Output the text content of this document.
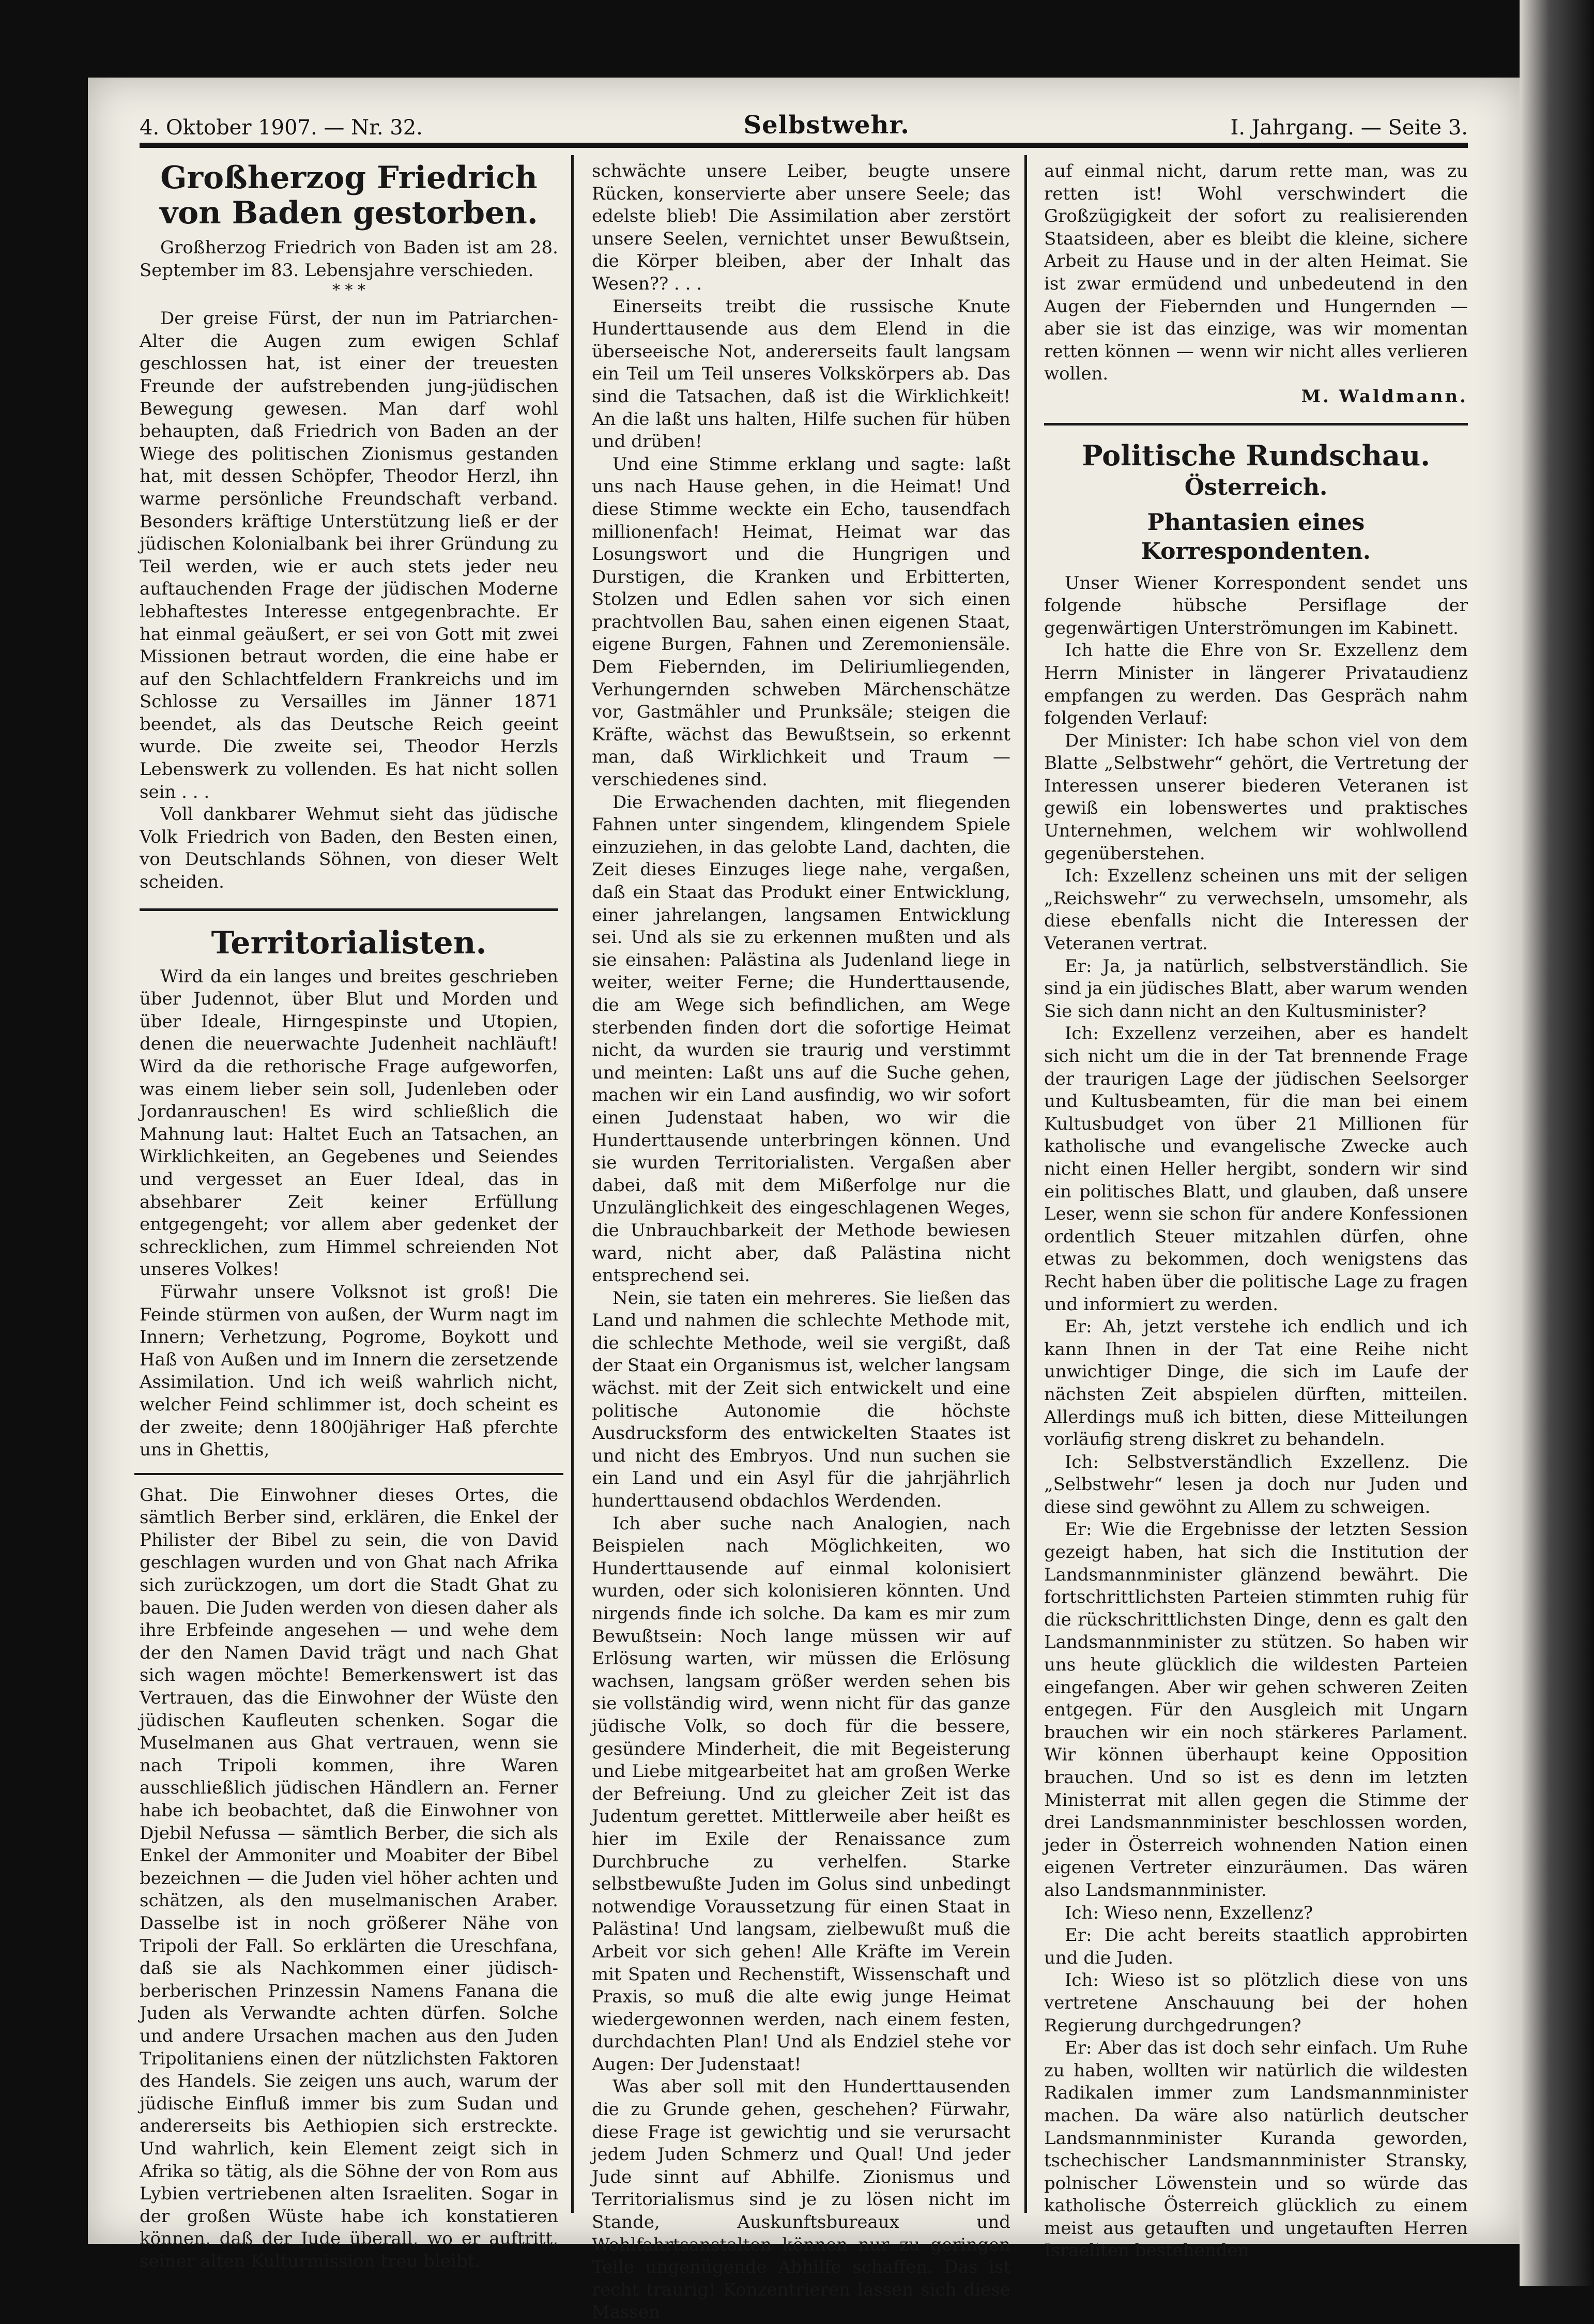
4. Oktober 1907. — Nr. 32.	Selbstwehr.	I. Jahrgang. — Seite 3.
Großherzog Friedrich von Baden gestorben.

Großherzog Friedrich von Baden ist am 28. September im 83. Lebensjahre verschieden.

* * *

Der greise Fürst, der nun im Patriarchen-Alter die Augen zum ewigen Schlaf geschlossen hat, ist einer der treuesten Freunde der aufstrebenden jung-jüdischen Bewegung gewesen. Man darf wohl behaupten, daß Friedrich von Baden an der Wiege des politischen Zionismus gestanden hat, mit dessen Schöpfer, Theodor Herzl, ihn warme persönliche Freundschaft verband. Besonders kräftige Unterstützung ließ er der jüdischen Kolonialbank bei ihrer Gründung zu Teil werden, wie er auch stets jeder neu auftauchenden Frage der jüdischen Moderne lebhaftestes Interesse entgegenbrachte. Er hat einmal geäußert, er sei von Gott mit zwei Missionen betraut worden, die eine habe er auf den Schlachtfeldern Frankreichs und im Schlosse zu Versailles im Jänner 1871 beendet, als das Deutsche Reich geeint wurde. Die zweite sei, Theodor Herzls Lebenswerk zu vollenden. Es hat nicht sollen sein . . .

Voll dankbarer Wehmut sieht das jüdische Volk Friedrich von Baden, den Besten einen, von Deutschlands Söhnen, von dieser Welt scheiden.

Territorialisten.

Wird da ein langes und breites geschrieben über Judennot, über Blut und Morden und über Ideale, Hirngespinste und Utopien, denen die neuerwachte Judenheit nachläuft! Wird da die rethorische Frage aufgeworfen, was einem lieber sein soll, Judenleben oder Jordanrauschen! Es wird schließlich die Mahnung laut: Haltet Euch an Tatsachen, an Wirklichkeiten, an Gegebenes und Seiendes und vergesset an Euer Ideal, das in absehbarer Zeit keiner Erfüllung entgegengeht; vor allem aber gedenket der schrecklichen, zum Himmel schreienden Not unseres Volkes!

Fürwahr unsere Volksnot ist groß! Die Feinde stürmen von außen, der Wurm nagt im Innern; Verhetzung, Pogrome, Boykott und Haß von Außen und im Innern die zersetzende Assimilation. Und ich weiß wahrlich nicht, welcher Feind schlimmer ist, doch scheint es der zweite; denn 1800jähriger Haß pferchte uns in Ghettis,

Ghat. Die Einwohner dieses Ortes, die sämtlich Berber sind, erklären, die Enkel der Philister der Bibel zu sein, die von David geschlagen wurden und von Ghat nach Afrika sich zurückzogen, um dort die Stadt Ghat zu bauen. Die Juden werden von diesen daher als ihre Erbfeinde angesehen — und wehe dem der den Namen David trägt und nach Ghat sich wagen möchte! Bemerkenswert ist das Vertrauen, das die Einwohner der Wüste den jüdischen Kaufleuten schenken. Sogar die Muselmanen aus Ghat vertrauen, wenn sie nach Tripoli kommen, ihre Waren ausschließlich jüdischen Händlern an. Ferner habe ich beobachtet, daß die Einwohner von Djebil Nefussa — sämtlich Berber, die sich als Enkel der Ammoniter und Moabiter der Bibel bezeichnen — die Juden viel höher achten und schätzen, als den muselmanischen Araber. Dasselbe ist in noch größerer Nähe von Tripoli der Fall. So erklärten die Ureschfana, daß sie als Nachkommen einer jüdisch-berberischen Prinzessin Namens Fanana die Juden als Verwandte achten dürfen. Solche und andere Ursachen machen aus den Juden Tripolitaniens einen der nützlichsten Faktoren des Handels. Sie zeigen uns auch, warum der jüdische Einfluß immer bis zum Sudan und andererseits bis Aethiopien sich erstreckte. Und wahrlich, kein Element zeigt sich in Afrika so tätig, als die Söhne der von Rom aus Lybien vertriebenen alten Israeliten. Sogar in der großen Wüste habe ich konstatieren können, daß der Jude überall, wo er auftritt, seiner alten Kulturmission treu bleibt.

schwächte unsere Leiber, beugte unsere Rücken, konservierte aber unsere Seele; das edelste blieb! Die Assimilation aber zerstört unsere Seelen, vernichtet unser Bewußtsein, die Körper bleiben, aber der Inhalt das Wesen?? . . .

Einerseits treibt die russische Knute Hunderttausende aus dem Elend in die überseeische Not, andererseits fault langsam ein Teil um Teil unseres Volkskörpers ab. Das sind die Tatsachen, daß ist die Wirklichkeit! An die laßt uns halten, Hilfe suchen für hüben und drüben!

Und eine Stimme erklang und sagte: laßt uns nach Hause gehen, in die Heimat! Und diese Stimme weckte ein Echo, tausendfach millionenfach! Heimat, Heimat war das Losungswort und die Hungrigen und Durstigen, die Kranken und Erbitterten, Stolzen und Edlen sahen vor sich einen prachtvollen Bau, sahen einen eigenen Staat, eigene Burgen, Fahnen und Zeremoniensäle. Dem Fiebernden, im Deliriumliegenden, Verhungernden schweben Märchenschätze vor, Gastmähler und Prunksäle; steigen die Kräfte, wächst das Bewußtsein, so erkennt man, daß Wirklichkeit und Traum — verschiedenes sind.

Die Erwachenden dachten, mit fliegenden Fahnen unter singendem, klingendem Spiele einzuziehen, in das gelobte Land, dachten, die Zeit dieses Einzuges liege nahe, vergaßen, daß ein Staat das Produkt einer Entwicklung, einer jahrelangen, langsamen Entwicklung sei. Und als sie zu erkennen mußten und als sie einsahen: Palästina als Judenland liege in weiter, weiter Ferne; die Hunderttausende, die am Wege sich befindlichen, am Wege sterbenden finden dort die sofortige Heimat nicht, da wurden sie traurig und verstimmt und meinten: Laßt uns auf die Suche gehen, machen wir ein Land ausfindig, wo wir sofort einen Judenstaat haben, wo wir die Hunderttausende unterbringen können. Und sie wurden Territorialisten. Vergaßen aber dabei, daß mit dem Mißerfolge nur die Unzulänglichkeit des eingeschlagenen Weges, die Unbrauchbarkeit der Methode bewiesen ward, nicht aber, daß Palästina nicht entsprechend sei.

Nein, sie taten ein mehreres. Sie ließen das Land und nahmen die schlechte Methode mit, die schlechte Methode, weil sie vergißt, daß der Staat ein Organismus ist, welcher langsam wächst. mit der Zeit sich entwickelt und eine politische Autonomie die höchste Ausdrucksform des entwickelten Staates ist und nicht des Embryos. Und nun suchen sie ein Land und ein Asyl für die jahrjährlich hunderttausend obdachlos Werdenden.

Ich aber suche nach Analogien, nach Beispielen nach Möglichkeiten, wo Hunderttausende auf einmal kolonisiert wurden, oder sich kolonisieren könnten. Und nirgends finde ich solche. Da kam es mir zum Bewußtsein: Noch lange müssen wir auf Erlösung warten, wir müssen die Erlösung wachsen, langsam größer werden sehen bis sie vollständig wird, wenn nicht für das ganze jüdische Volk, so doch für die bessere, gesündere Minderheit, die mit Begeisterung und Liebe mitgearbeitet hat am großen Werke der Befreiung. Und zu gleicher Zeit ist das Judentum gerettet. Mittlerweile aber heißt es hier im Exile der Renaissance zum Durchbruche zu verhelfen. Starke selbstbewußte Juden im Golus sind unbedingt notwendige Voraussetzung für einen Staat in Palästina! Und langsam, zielbewußt muß die Arbeit vor sich gehen! Alle Kräfte im Verein mit Spaten und Rechenstift, Wissenschaft und Praxis, so muß die alte ewig junge Heimat wiedergewonnen werden, nach einem festen, durchdachten Plan! Und als Endziel stehe vor Augen: Der Judenstaat!

Was aber soll mit den Hunderttausenden die zu Grunde gehen, geschehen? Fürwahr, diese Frage ist gewichtig und sie verursacht jedem Juden Schmerz und Qual! Und jeder Jude sinnt auf Abhilfe. Zionismus und Territorialismus sind je zu lösen nicht im Stande, Auskunftsbureaux und Wohlfahrtsanstalten können nur zu geringen Teile ungenügende Abhilfe schaffen. Das ist recht traurig! Konzentrieren lassen sich diese Massen

auf einmal nicht, darum rette man, was zu retten ist! Wohl verschwindert die Großzügigkeit der sofort zu realisierenden Staatsideen, aber es bleibt die kleine, sichere Arbeit zu Hause und in der alten Heimat. Sie ist zwar ermüdend und unbedeutend in den Augen der Fiebernden und Hungernden — aber sie ist das einzige, was wir momentan retten können — wenn wir nicht alles verlieren wollen.

M. Waldmann.
Politische Rundschau.
Österreich.
Phantasien eines Korrespondenten.

Unser Wiener Korrespondent sendet uns folgende hübsche Persiflage der gegenwärtigen Unterströmungen im Kabinett.

Ich hatte die Ehre von Sr. Exzellenz dem Herrn Minister in längerer Privataudienz empfangen zu werden. Das Gespräch nahm folgenden Verlauf:

Der Minister: Ich habe schon viel von dem Blatte „Selbstwehr“ gehört, die Vertretung der Interessen unserer biederen Veteranen ist gewiß ein lobenswertes und praktisches Unternehmen, welchem wir wohlwollend gegenüberstehen.

Ich: Exzellenz scheinen uns mit der seligen „Reichswehr“ zu verwechseln, umsomehr, als diese ebenfalls nicht die Interessen der Veteranen vertrat.

Er: Ja, ja natürlich, selbstverständlich. Sie sind ja ein jüdisches Blatt, aber warum wenden Sie sich dann nicht an den Kultusminister?

Ich: Exzellenz verzeihen, aber es handelt sich nicht um die in der Tat brennende Frage der traurigen Lage der jüdischen Seelsorger und Kultusbeamten, für die man bei einem Kultusbudget von über 21 Millionen für katholische und evangelische Zwecke auch nicht einen Heller hergibt, sondern wir sind ein politisches Blatt, und glauben, daß unsere Leser, wenn sie schon für andere Konfessionen ordentlich Steuer mitzahlen dürfen, ohne etwas zu bekommen, doch wenigstens das Recht haben über die politische Lage zu fragen und informiert zu werden.

Er: Ah, jetzt verstehe ich endlich und ich kann Ihnen in der Tat eine Reihe nicht unwichtiger Dinge, die sich im Laufe der nächsten Zeit abspielen dürften, mitteilen. Allerdings muß ich bitten, diese Mitteilungen vorläufig streng diskret zu behandeln.

Ich: Selbstverständlich Exzellenz. Die „Selbstwehr“ lesen ja doch nur Juden und diese sind gewöhnt zu Allem zu schweigen.

Er: Wie die Ergebnisse der letzten Session gezeigt haben, hat sich die Institution der Landsmannminister glänzend bewährt. Die fortschrittlichsten Parteien stimmten ruhig für die rückschrittlichsten Dinge, denn es galt den Landsmannminister zu stützen. So haben wir uns heute glücklich die wildesten Parteien eingefangen. Aber wir gehen schweren Zeiten entgegen. Für den Ausgleich mit Ungarn brauchen wir ein noch stärkeres Parlament. Wir können überhaupt keine Opposition brauchen. Und so ist es denn im letzten Ministerrat mit allen gegen die Stimme der drei Landsmannminister beschlossen worden, jeder in Österreich wohnenden Nation einen eigenen Vertreter einzuräumen. Das wären also Landsmannminister.

Ich: Wieso nenn, Exzellenz?

Er: Die acht bereits staatlich approbirten und die Juden.

Ich: Wieso ist so plötzlich diese von uns vertretene Anschauung bei der hohen Regierung durchgedrungen?

Er: Aber das ist doch sehr einfach. Um Ruhe zu haben, wollten wir natürlich die wildesten Radikalen immer zum Landsmannminister machen. Da wäre also natürlich deutscher Landsmannminister Kuranda geworden, tschechischer Landsmannminister Stransky, polnischer Löwenstein und so würde das katholische Österreich glücklich zu einem meist aus getauften und ungetauften Herren Israeliten bestehenden
